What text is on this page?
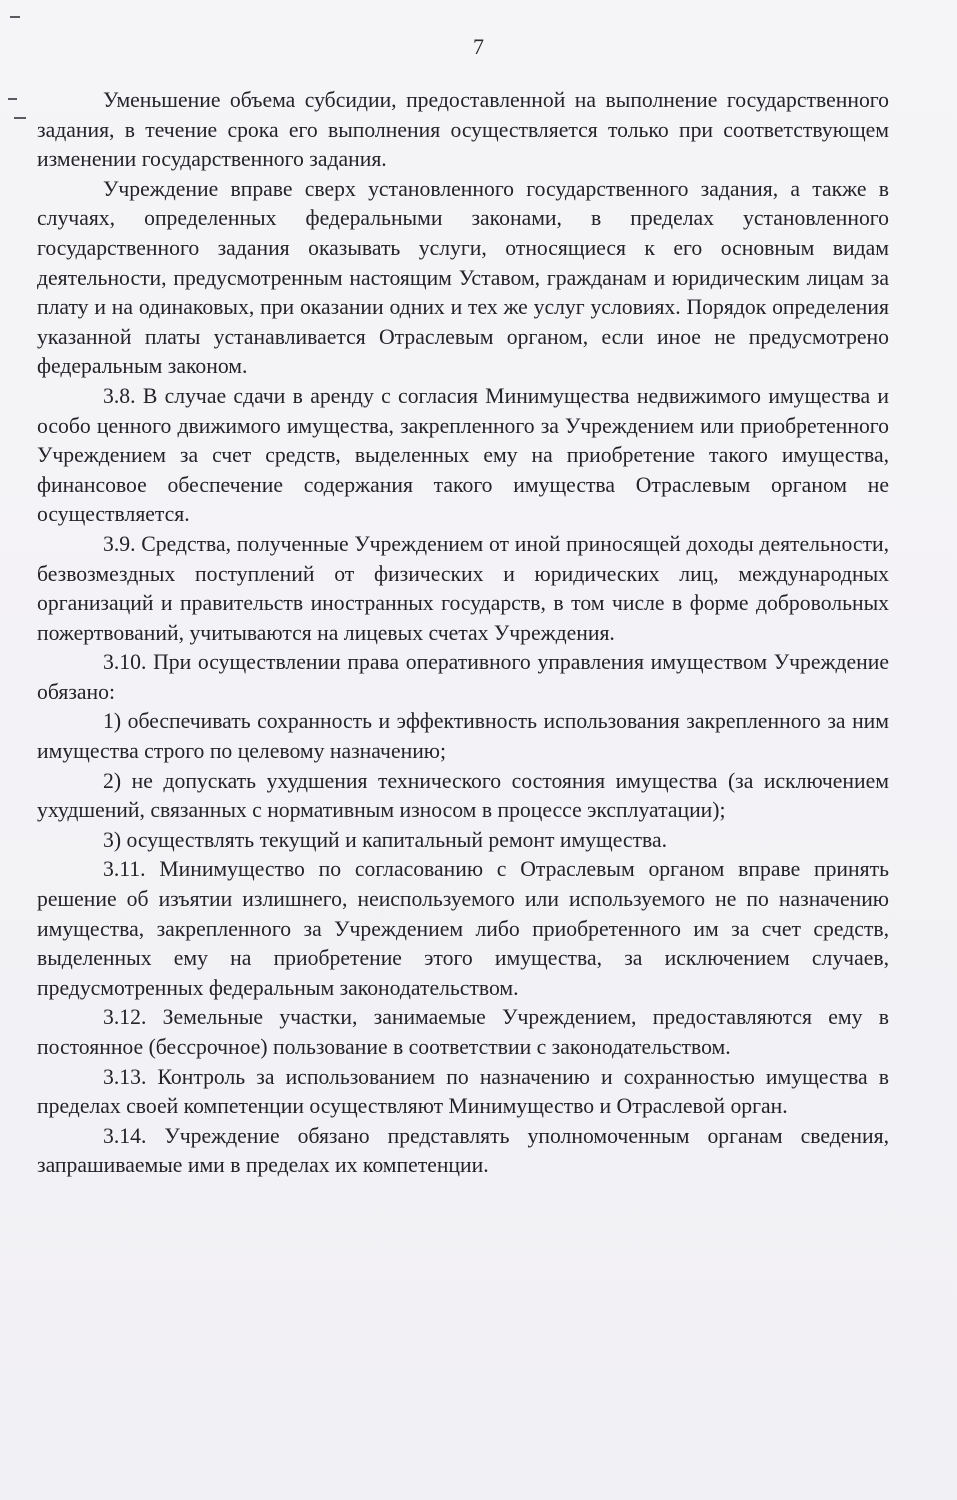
7

Уменьшение объема субсидии, предоставленной на выполнение государственного задания, в течение срока его выполнения осуществляется только при соответствующем изменении государственного задания.

Учреждение вправе сверх установленного государственного задания, а также в случаях, определенных федеральными законами, в пределах установленного государственного задания оказывать услуги, относящиеся к его основным видам деятельности, предусмотренным настоящим Уставом, гражданам и юридическим лицам за плату и на одинаковых, при оказании одних и тех же услуг условиях. Порядок определения указанной платы устанавливается Отраслевым органом, если иное не предусмотрено федеральным законом.

3.8. В случае сдачи в аренду с согласия Минимущества недвижимого имущества и особо ценного движимого имущества, закрепленного за Учреждением или приобретенного Учреждением за счет средств, выделенных ему на приобретение такого имущества, финансовое обеспечение содержания такого имущества Отраслевым органом не осуществляется.

3.9. Средства, полученные Учреждением от иной приносящей доходы деятельности, безвозмездных поступлений от физических и юридических лиц, международных организаций и правительств иностранных государств, в том числе в форме добровольных пожертвований, учитываются на лицевых счетах Учреждения.

3.10. При осуществлении права оперативного управления имуществом Учреждение обязано:

1) обеспечивать сохранность и эффективность использования закрепленного за ним имущества строго по целевому назначению;

2) не допускать ухудшения технического состояния имущества (за исключением ухудшений, связанных с нормативным износом в процессе эксплуатации);

3) осуществлять текущий и капитальный ремонт имущества.

3.11. Минимущество по согласованию с Отраслевым органом вправе принять решение об изъятии излишнего, неиспользуемого или используемого не по назначению имущества, закрепленного за Учреждением либо приобретенного им за счет средств, выделенных ему на приобретение этого имущества, за исключением случаев, предусмотренных федеральным законодательством.

3.12. Земельные участки, занимаемые Учреждением, предоставляются ему в постоянное (бессрочное) пользование в соответствии с законодательством.

3.13. Контроль за использованием по назначению и сохранностью имущества в пределах своей компетенции осуществляют Минимущество и Отраслевой орган.

3.14. Учреждение обязано представлять уполномоченным органам сведения, запрашиваемые ими в пределах их компетенции.
